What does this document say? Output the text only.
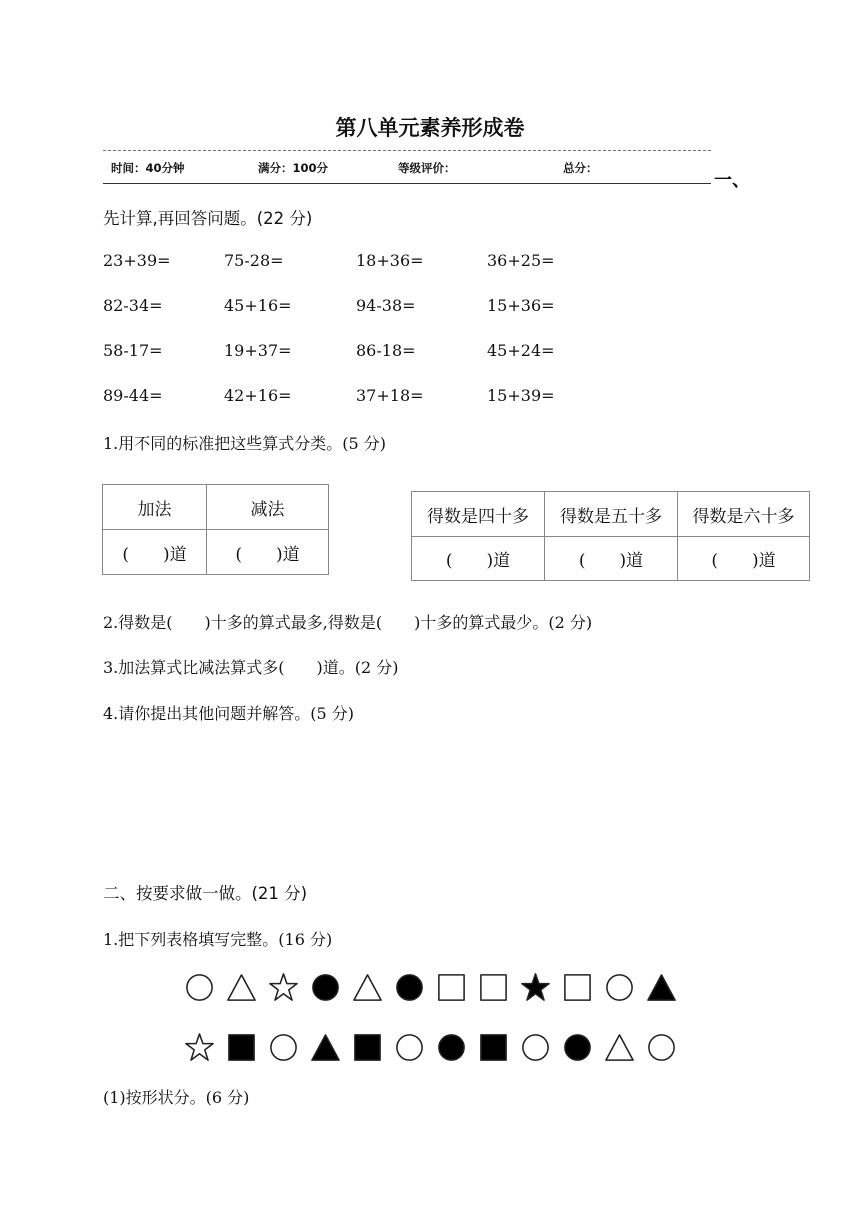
第八单元素养形成卷
时间：40分钟	满分：100分	等级评价：	总分：
一、
先计算,再回答问题。(22 分)
23+39=	75-28=	18+36=	36+25=
82-34=	45+16=	94-38=	15+36=
58-17=	19+37=	86-18=	45+24=
89-44=	42+16=	37+18=	15+39=
1.用不同的标准把这些算式分类。(5 分)
加法	减法
(　　)道	(　　)道
得数是四十多	得数是五十多	得数是六十多
(　　)道	(　　)道	(　　)道
2.得数是(　　)十多的算式最多,得数是(　　)十多的算式最少。(2 分)
3.加法算式比减法算式多(　　)道。(2 分)
4.请你提出其他问题并解答。(5 分)
二、按要求做一做。(21 分)
1.把下列表格填写完整。(16 分)
(1)按形状分。(6 分)
